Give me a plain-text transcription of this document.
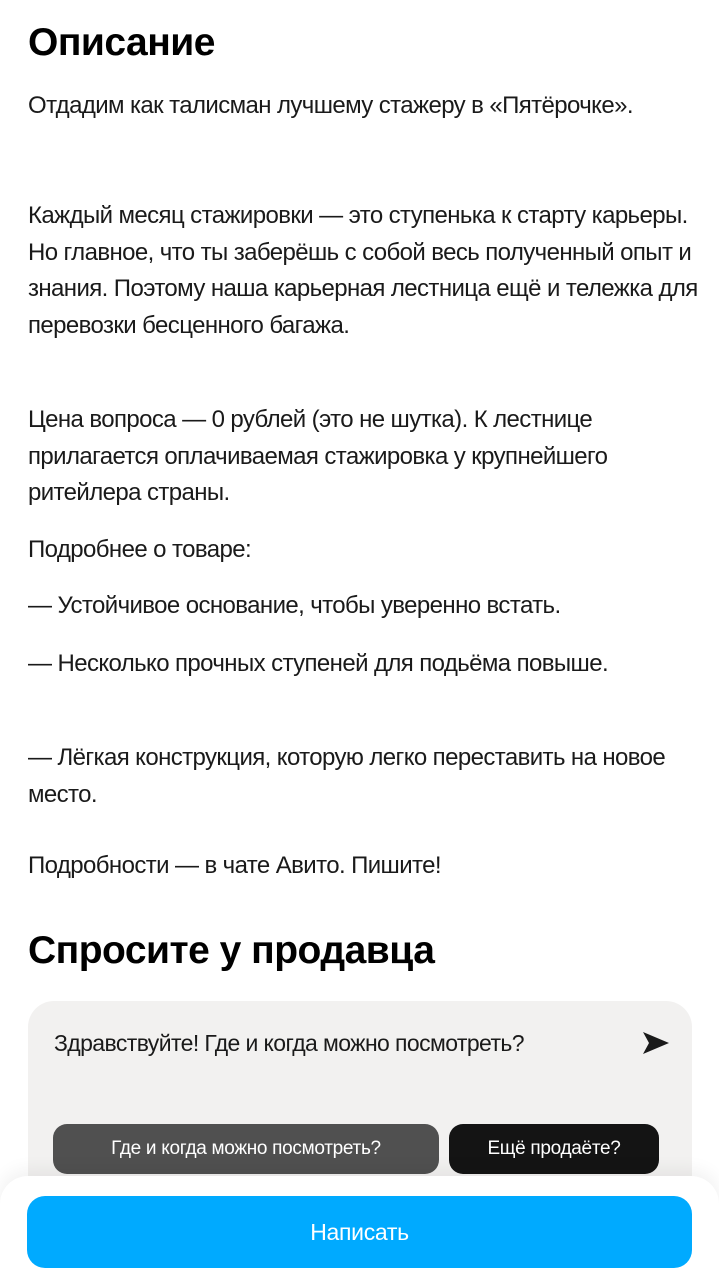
Описание

Отдадим как талисман лучшему стажеру в «Пятёрочке».

Каждый месяц стажировки — это ступенька к старту карьеры. Но главное, что ты заберёшь с собой весь полученный опыт и знания. Поэтому наша карьерная лестница ещё и тележка для перевозки бесценного багажа.

Цена вопроса — 0 рублей (это не шутка). К лестнице прилагается оплачиваемая стажировка у крупнейшего ритейлера страны.

Подробнее о товаре:

— Устойчивое основание, чтобы уверенно встать.

— Несколько прочных ступеней для подьёма повыше.

— Лёгкая конструкция, которую легко переставить на новое место.

Подробности — в чате Авито. Пишите!

Спросите у продавца
Здравствуйте! Где и когда можно посмотреть?
Где и когда можно посмотреть?	Ещё продаёте?
Написать
